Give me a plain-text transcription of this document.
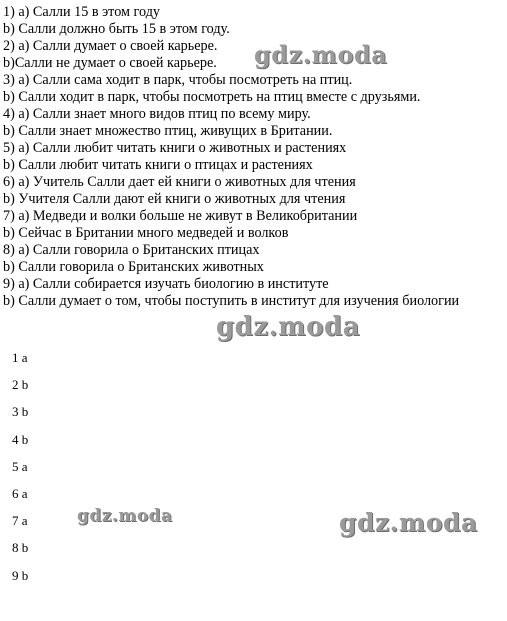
1) а) Салли 15 в этом году
b) Салли должно быть 15 в этом году.
2) а) Салли думает о своей карьере.
b)Салли не думает о своей карьере.
3) а) Салли сама ходит в парк, чтобы посмотреть на птиц.
b) Салли ходит в парк, чтобы посмотреть на птиц вместе с друзьями.
4) а) Салли знает много видов птиц по всему миру.
b) Салли знает множество птиц, живущих в Британии.
5) а) Салли любит читать книги о животных и растениях
b) Салли любит читать книги о птицах и растениях
6) а) Учитель Салли дает ей книги о животных для чтения
b) Учителя Салли дают ей книги о животных для чтения
7) а) Медведи и волки больше не живут в Великобритании
b) Сейчас в Британии много медведей и волков
8) а) Салли говорила о Британских птицах
b) Салли говорила о Британских животных
9) а) Салли собирается изучать биологию в институте
b) Салли думает о том, чтобы поступить в институт для изучения биологии
1 a
2 b
3 b
4 b
5 a
6 a
7 a
8 b
9 b
gdz.moda
gdz.moda
gdz.moda	gdz.moda
